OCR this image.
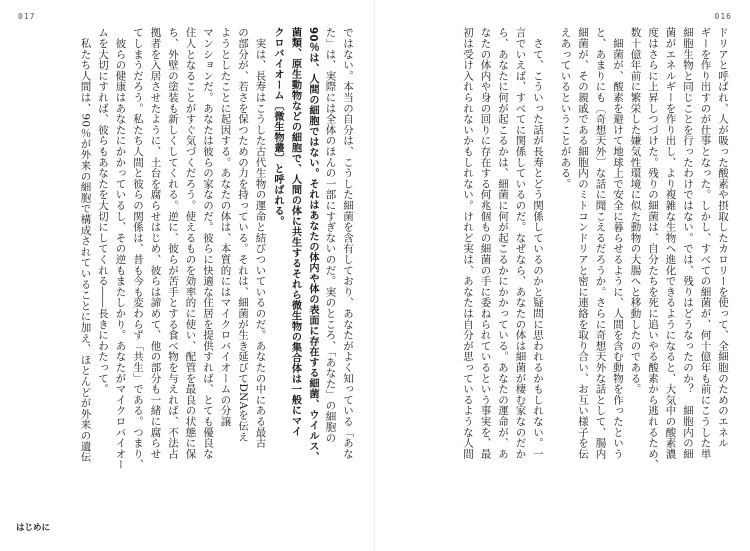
017	016
ドリアと呼ばれ、人が吸った酸素や摂取したカロリーを使って、全細胞のためのエネル
ギーを作り出すのが仕事となった。しかし、すべての細菌が、何十億年も前にこうした単
細胞生物と同じことを行ったわけではない。では、残りはどうなったのか？　細胞内の細
菌がエネルギーを作り出し、より複雑な生物へ進化できるようになると、大気中の酸素濃
度はさらに上昇しつづけた。残りの細菌は、自分たちを死に追いやる酸素から逃れるため、
数十億年前に繁栄した嫌気性環境に似た動物の大腸へと移動したのである。
　細菌が、酸素を避けて地球上で安全に暮らせるように、人間を含む動物を作ったという
と、あまりにも〔奇想天外〕な話に聞こえるだろうか。さらに奇想天外な話として、腸内
細菌が、その親戚である細胞内のミトコンドリアと密に連絡を取り合い、お互い様子を伝
えあっているということがある。
　さて、こういった話が長寿とどう関係しているのかと疑問に思われるかもしれない。一
言でいえば、すべてに関係しているのだ。なぜなら、あなたの体は細菌が棲む家なのだか
ら、あなたに何が起こるかは、細菌に何が起こるかにかかっている。あなたの運命が、あ
なたの体内や身の回りに存在する何兆個もの細菌の手に委ねられているという事実を、最
初は受け入れられないかもしれない。けれど実は、あなたは自分が思っているような人間
ではない。本当の自分は、こうした細菌を含有しており、あなたがよく知っている「あな
た」は、実際には全体のほんの一部にすぎないのだ。実のところ、「あなた」の細胞の
90％は、人間の細胞ではない。それはあなたの体内や体の表面に存在する細菌、ウイルス、
菌類、原生動物などの細胞で、人間の体に共生するそれら微生物の集合体は一般にマイ
クロバイオーム〔微生物叢〕と呼ばれる。
　実は、長寿はこうした古代生物の運命と結びついているのだ。あなたの中にある最古
の部分が、若さを保つための力を持っている。それは、細菌が生き延びてDNAを伝え
ようとしたことに起因する。あなたの体は、本質的にはマイクロバイオームの分譲
マンションだ。あなたは彼らの家なのだ。彼らに快適な住居を提供すれば、とても優良な
住人となることがすぐ気づくだろう。使えるものを効率的に使い、配管を最良の状態に保
ち、外壁の塗装も新しくしてくれる。逆に、彼らが苦手とする食べ物を与えれば、不法占
拠者を入居させたように、土台を腐らせはじめ、彼らは諦めて、他の部分も一緒に腐らせ
てしまうだろう。私たち人間と彼らの関係は、昔も今も変わらず「共生」である。つまり、
　彼らの健康はあなたにかかっているし、その逆もまたしかり。あなたがマイクロバイオー
ムを大切にすれば、彼らもあなたを大切にしてくれる――長きにわたって。
　私たち人間は、90％が外来の細胞で構成されていることに加え、ほとんどが外来の遺伝
はじめに
